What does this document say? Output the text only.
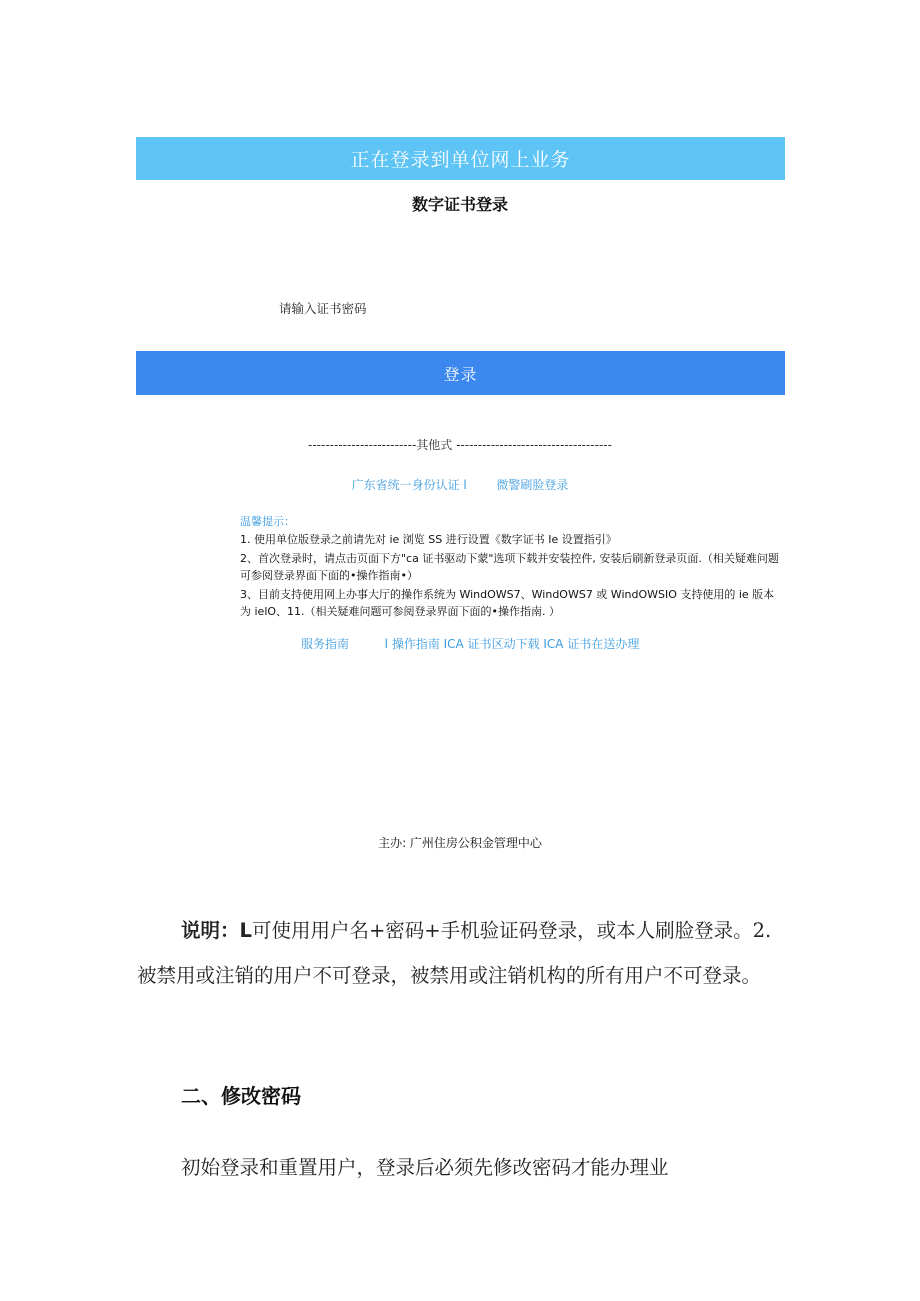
正在登录到单位网上业务
数字证书登录
请输入证书密码
登录
-------------------------其他式 ------------------------------------
广东省统一身份认证 l 微警刷脸登录
温馨提示：

1. 使用单位版登录之前请先对 ie 浏览 SS 进行设置《数字证书 Ie 设置指引》

2、首次登录时，请点击页面下方"ca 证书驱动下蒙"选项下载并安装控件, 安装后刷新登录页面.（相关疑难问题可参阅登录界面下面的•操作指南•）

3、目前支持使用网上办事大厅的操作系统为 WindOWS7、WindOWS7 或 WindOWSIO 支持使用的 ie 版本为 ielO、11.（相关疑难问题可参阅登录界面下面的•操作指南. ）

服务指南	l 操作指南 ICA 证书区动下载 ICA 证书在送办理
主办: 广州住房公积金管理中心
说明：L可使用用户名+密码+手机验证码登录，或本人刷脸登录。2. 被禁用或注销的用户不可登录，被禁用或注销机构的所有用户不可登录。
二、修改密码
初始登录和重置用户，登录后必须先修改密码才能办理业
